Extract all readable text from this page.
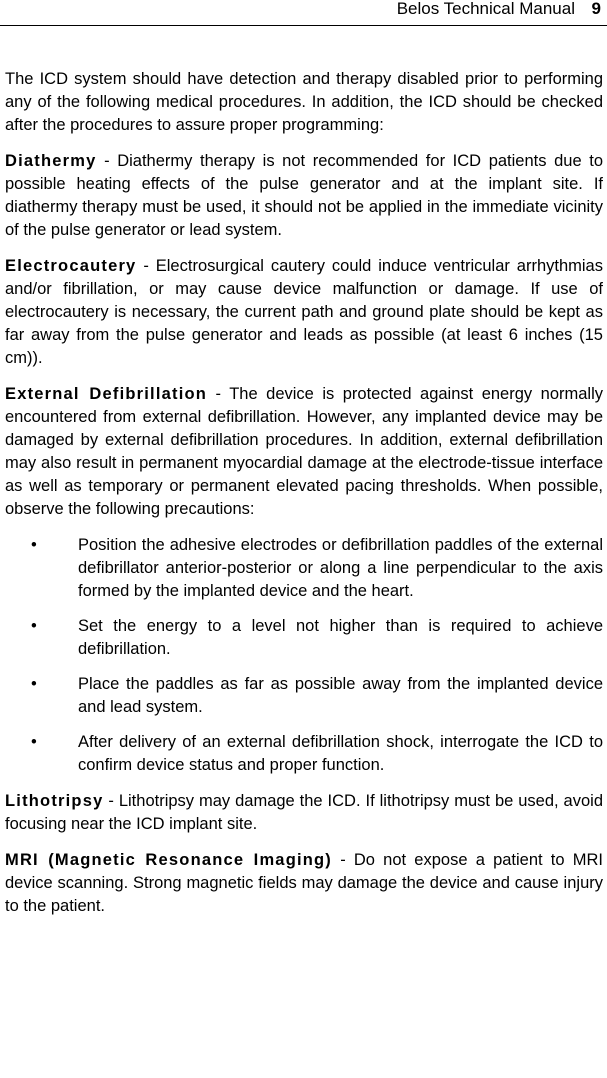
Belos Technical Manual 9

The ICD system should have detection and therapy disabled prior to performing any of the following medical procedures. In addition, the ICD should be checked after the procedures to assure proper programming:

Diathermy - Diathermy therapy is not recommended for ICD patients due to possible heating effects of the pulse generator and at the implant site. If diathermy therapy must be used, it should not be applied in the immediate vicinity of the pulse generator or lead system.

Electrocautery - Electrosurgical cautery could induce ventricular arrhythmias and/or fibrillation, or may cause device malfunction or damage. If use of electrocautery is necessary, the current path and ground plate should be kept as far away from the pulse generator and leads as possible (at least 6 inches (15 cm)).

External Defibrillation - The device is protected against energy normally encountered from external defibrillation. However, any implanted device may be damaged by external defibrillation procedures. In addition, external defibrillation may also result in permanent myocardial damage at the electrode-tissue interface as well as temporary or permanent elevated pacing thresholds. When possible, observe the following precautions:

• Position the adhesive electrodes or defibrillation paddles of the external defibrillator anterior-posterior or along a line perpendicular to the axis formed by the implanted device and the heart.
• Set the energy to a level not higher than is required to achieve defibrillation.
• Place the paddles as far as possible away from the implanted device and lead system.
• After delivery of an external defibrillation shock, interrogate the ICD to confirm device status and proper function.

Lithotripsy - Lithotripsy may damage the ICD. If lithotripsy must be used, avoid focusing near the ICD implant site.

MRI (Magnetic Resonance Imaging) - Do not expose a patient to MRI device scanning. Strong magnetic fields may damage the device and cause injury to the patient.
